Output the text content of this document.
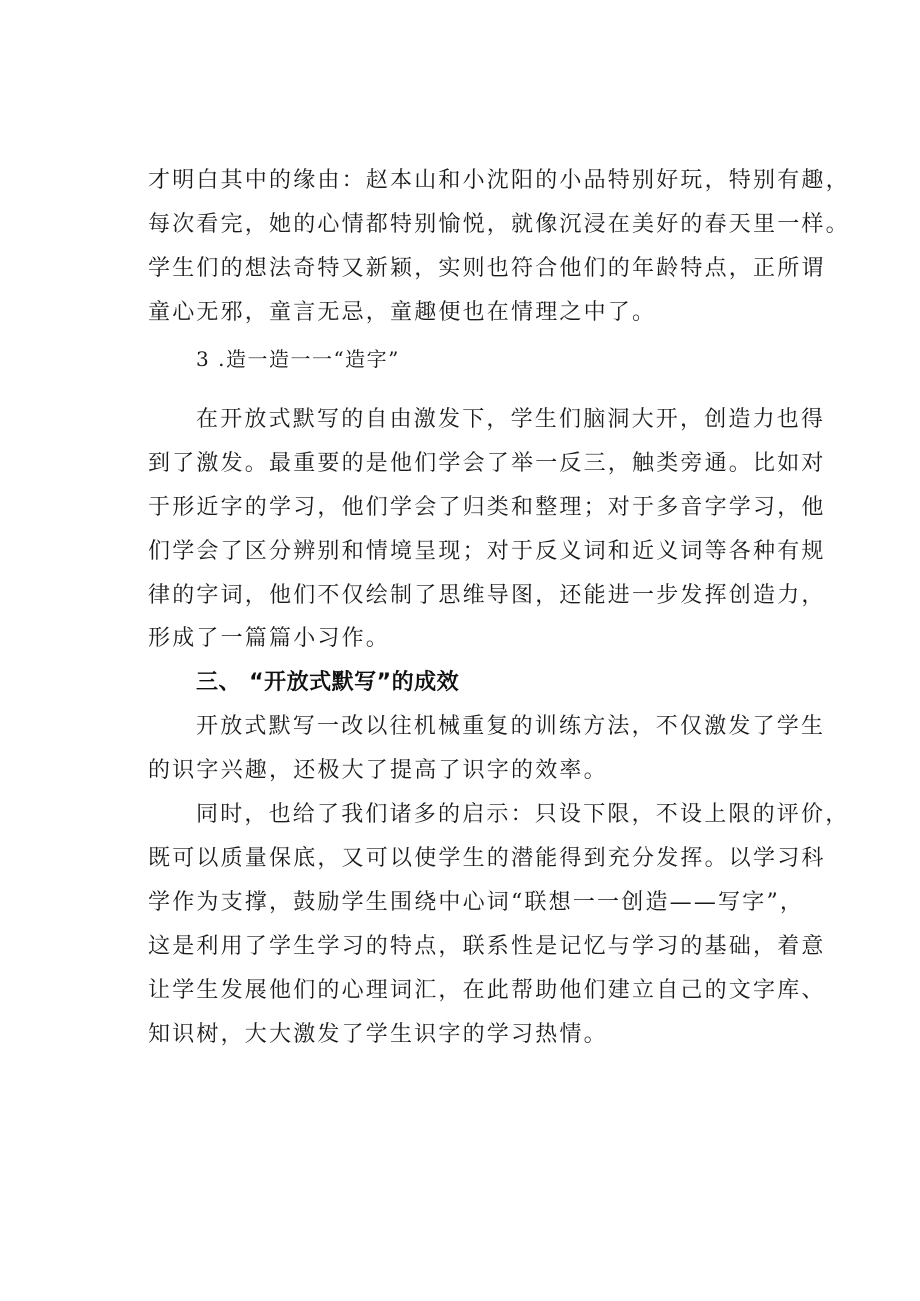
才明白其中的缘由：赵本山和小沈阳的小品特别好玩，特别有趣，
每次看完，她的心情都特别愉悦，就像沉浸在美好的春天里一样。
学生们的想法奇特又新颖，实则也符合他们的年龄特点，正所谓
童心无邪，童言无忌，童趣便也在情理之中了。
3 .造一造一一“造字”
在开放式默写的自由激发下，学生们脑洞大开，创造力也得
到了激发。最重要的是他们学会了举一反三，触类旁通。比如对
于形近字的学习，他们学会了归类和整理；对于多音字学习，他
们学会了区分辨别和情境呈现；对于反义词和近义词等各种有规
律的字词，他们不仅绘制了思维导图，还能进一步发挥创造力，
形成了一篇篇小习作。
三、 “开放式默写”的成效
开放式默写一改以往机械重复的训练方法，不仅激发了学生
的识字兴趣，还极大了提高了识字的效率。
同时，也给了我们诸多的启示：只设下限，不设上限的评价，
既可以质量保底，又可以使学生的潜能得到充分发挥。以学习科
学作为支撑，鼓励学生围绕中心词“联想一一创造——写字”，
这是利用了学生学习的特点，联系性是记忆与学习的基础，着意
让学生发展他们的心理词汇，在此帮助他们建立自己的文字库、
知识树，大大激发了学生识字的学习热情。
